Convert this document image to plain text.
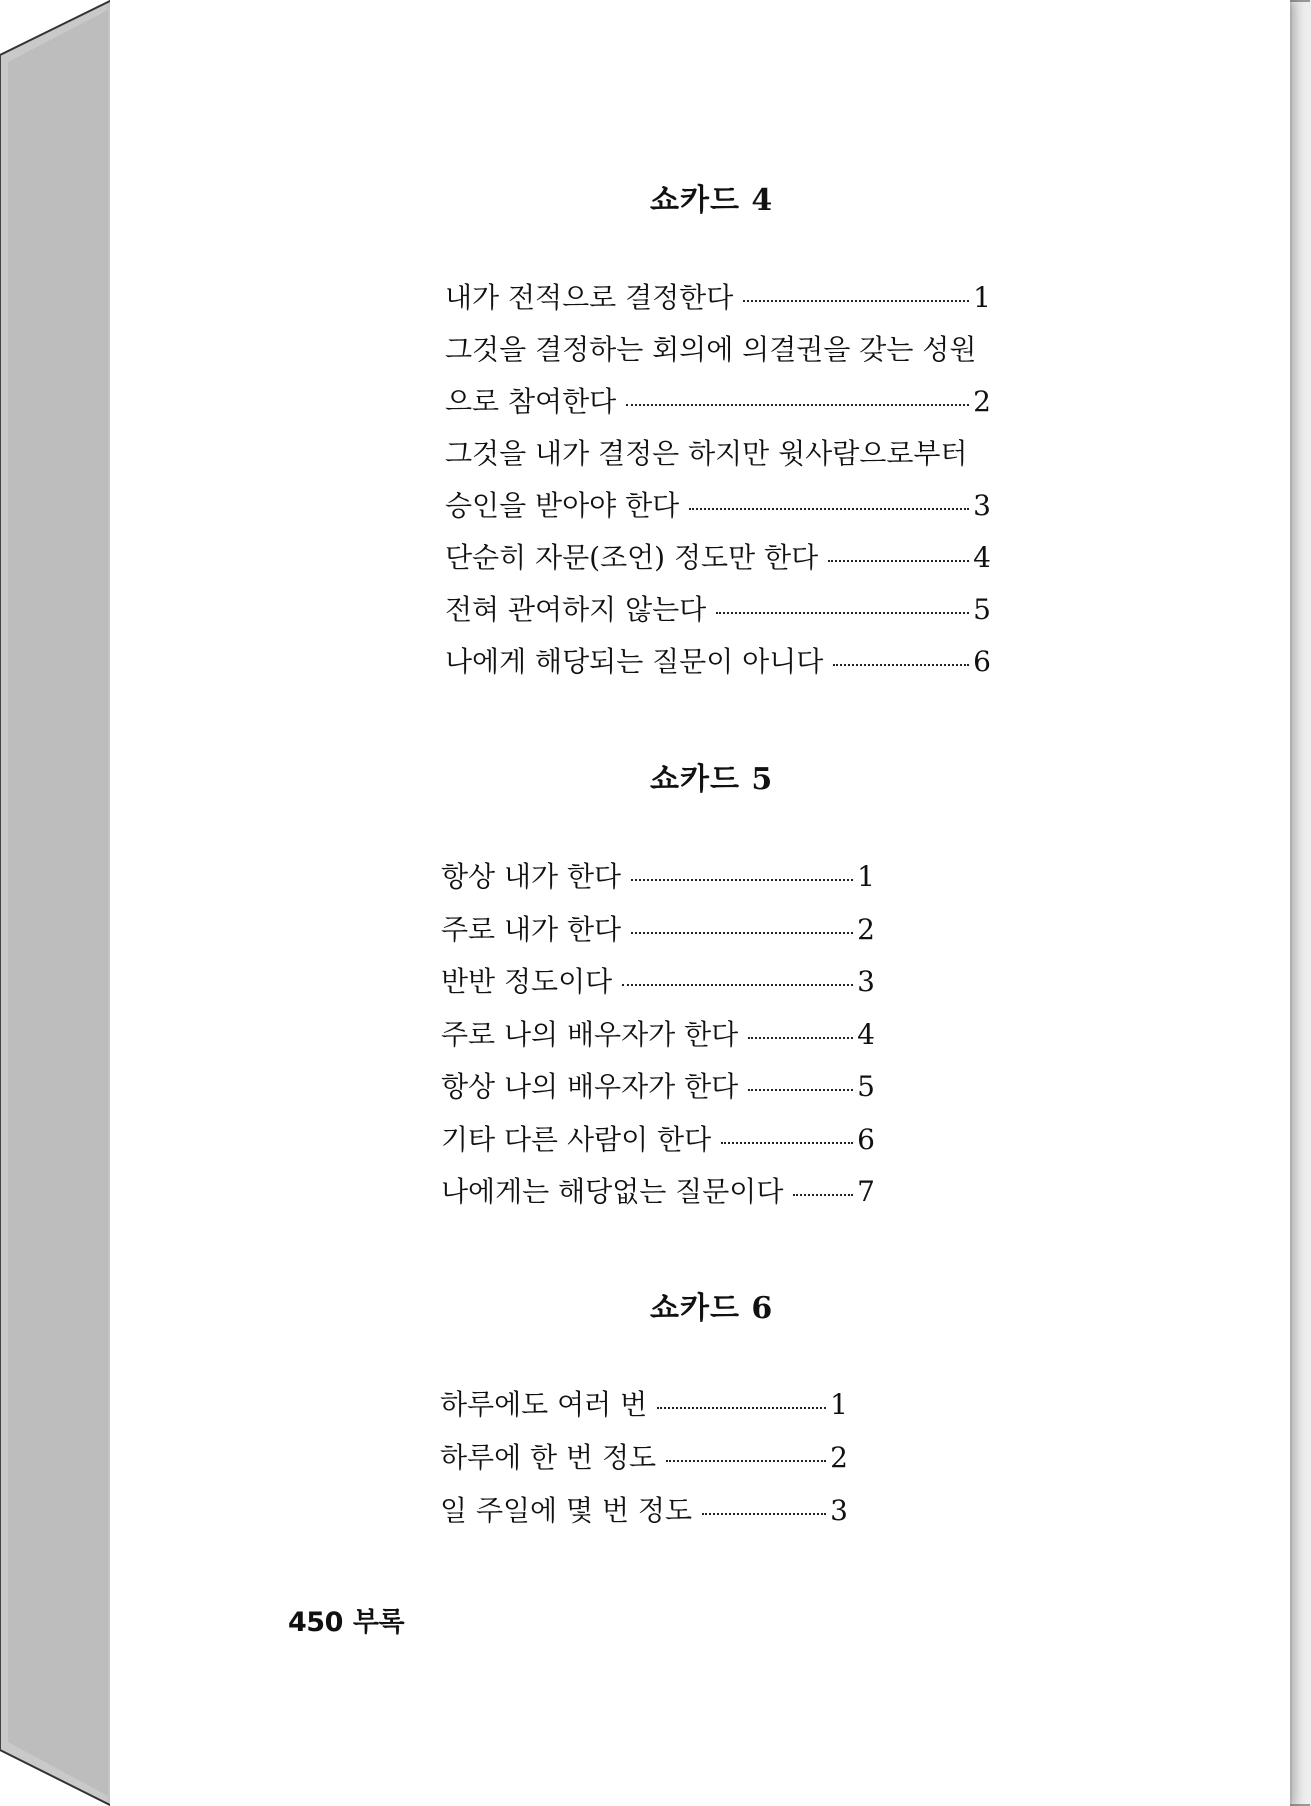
쇼카드 4
내가 전적으로 결정한다	1
그것을 결정하는 회의에 의결권을 갖는 성원
으로 참여한다	2
그것을 내가 결정은 하지만 윗사람으로부터
승인을 받아야 한다	3
단순히 자문(조언) 정도만 한다	4
전혀 관여하지 않는다	5
나에게 해당되는 질문이 아니다	6
쇼카드 5
항상 내가 한다	1
주로 내가 한다	2
반반 정도이다	3
주로 나의 배우자가 한다	4
항상 나의 배우자가 한다	5
기타 다른 사람이 한다	6
나에게는 해당없는 질문이다	7
쇼카드 6
하루에도 여러 번	1
하루에 한 번 정도	2
일 주일에 몇 번 정도	3
450 부록
